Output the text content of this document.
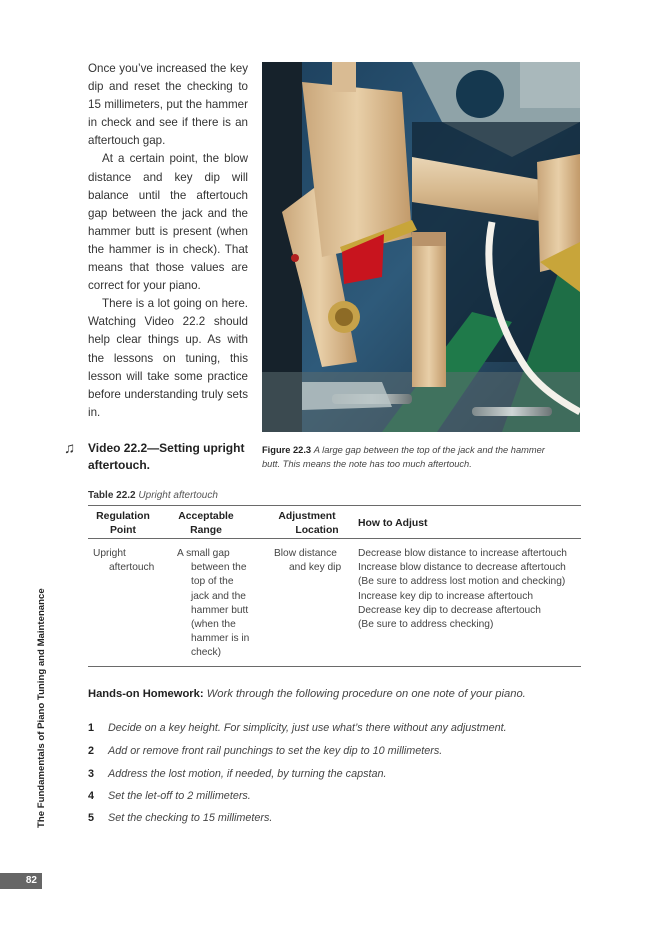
Once you’ve increased the key dip and reset the checking to 15 millimeters, put the hammer in check and see if there is an aftertouch gap.

At a certain point, the blow distance and key dip will balance until the aftertouch gap between the jack and the hammer butt is present (when the hammer is in check). That means that those values are correct for your piano.

There is a lot going on here. Watching Video 22.2 should help clear things up. As with the lessons on tuning, this lesson will take some practice before understanding truly sets in.

♫ Video 22.2—Setting upright
aftertouch.
Figure 22.3 A large gap between the top of the jack and the hammer
butt. This means the note has too much aftertouch.
Table 22.2 Upright aftertouch
Regulation
Point
Acceptable
Range
Adjustment
Location
How to Adjust
Upright
aftertouch
A small gap
between the
top of the
jack and the
hammer butt
(when the
hammer is in
check)
Blow distance
and key dip
Decrease blow distance to increase aftertouch
Increase blow distance to decrease aftertouch
(Be sure to address lost motion and checking)
Increase key dip to increase aftertouch
Decrease key dip to decrease aftertouch
(Be sure to address checking)
Hands-on Homework: Work through the following procedure on one note of your piano.
1 Decide on a key height. For simplicity, just use what’s there without any adjustment.
2 Add or remove front rail punchings to set the key dip to 10 millimeters.
3 Address the lost motion, if needed, by turning the capstan.
4 Set the let-off to 2 millimeters.
5 Set the checking to 15 millimeters.
The Fundamentals of Piano Tuning and Maintenance
82
